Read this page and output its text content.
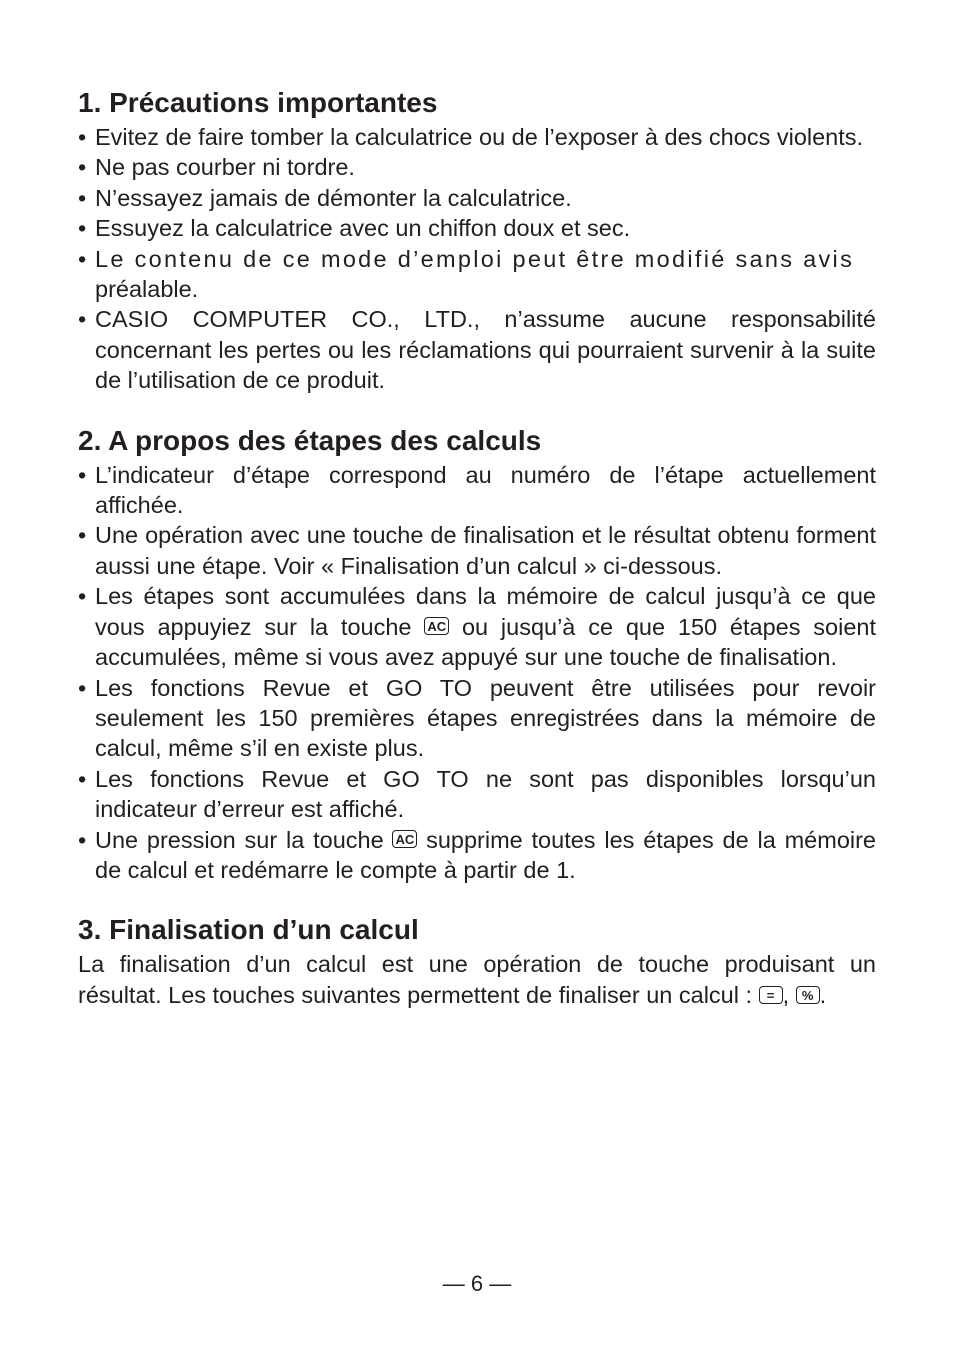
1. Précautions importantes
• Evitez de faire tomber la calculatrice ou de l’exposer à des chocs violents.
• Ne pas courber ni tordre.
• N’essayez jamais de démonter la calculatrice.
• Essuyez la calculatrice avec un chiffon doux et sec.
• Le contenu de ce mode d’emploi peut être modifié sans avis
préalable.
• CASIO COMPUTER CO., LTD., n’assume aucune responsabilité concernant les pertes ou les réclamations qui pourraient survenir à la suite de l’utilisation de ce produit.
2. A propos des étapes des calculs
• L’indicateur d’étape correspond au numéro de l’étape actuellement affichée.
• Une opération avec une touche de finalisation et le résultat obtenu forment aussi une étape. Voir « Finalisation d’un calcul » ci-dessous.
• Les étapes sont accumulées dans la mémoire de calcul jusqu’à ce que vous appuyiez sur la touche AC ou jusqu’à ce que 150 étapes soient accumulées, même si vous avez appuyé sur une touche de finalisation.
• Les fonctions Revue et GO TO peuvent être utilisées pour revoir seulement les 150 premières étapes enregistrées dans la mémoire de calcul, même s’il en existe plus.
• Les fonctions Revue et GO TO ne sont pas disponibles lorsqu’un indicateur d’erreur est affiché.
• Une pression sur la touche AC supprime toutes les étapes de la mémoire de calcul et redémarre le compte à partir de 1.
3. Finalisation d’un calcul

La finalisation d’un calcul est une opération de touche produisant un résultat. Les touches suivantes permettent de finaliser un calcul : = , % .

— 6 —
